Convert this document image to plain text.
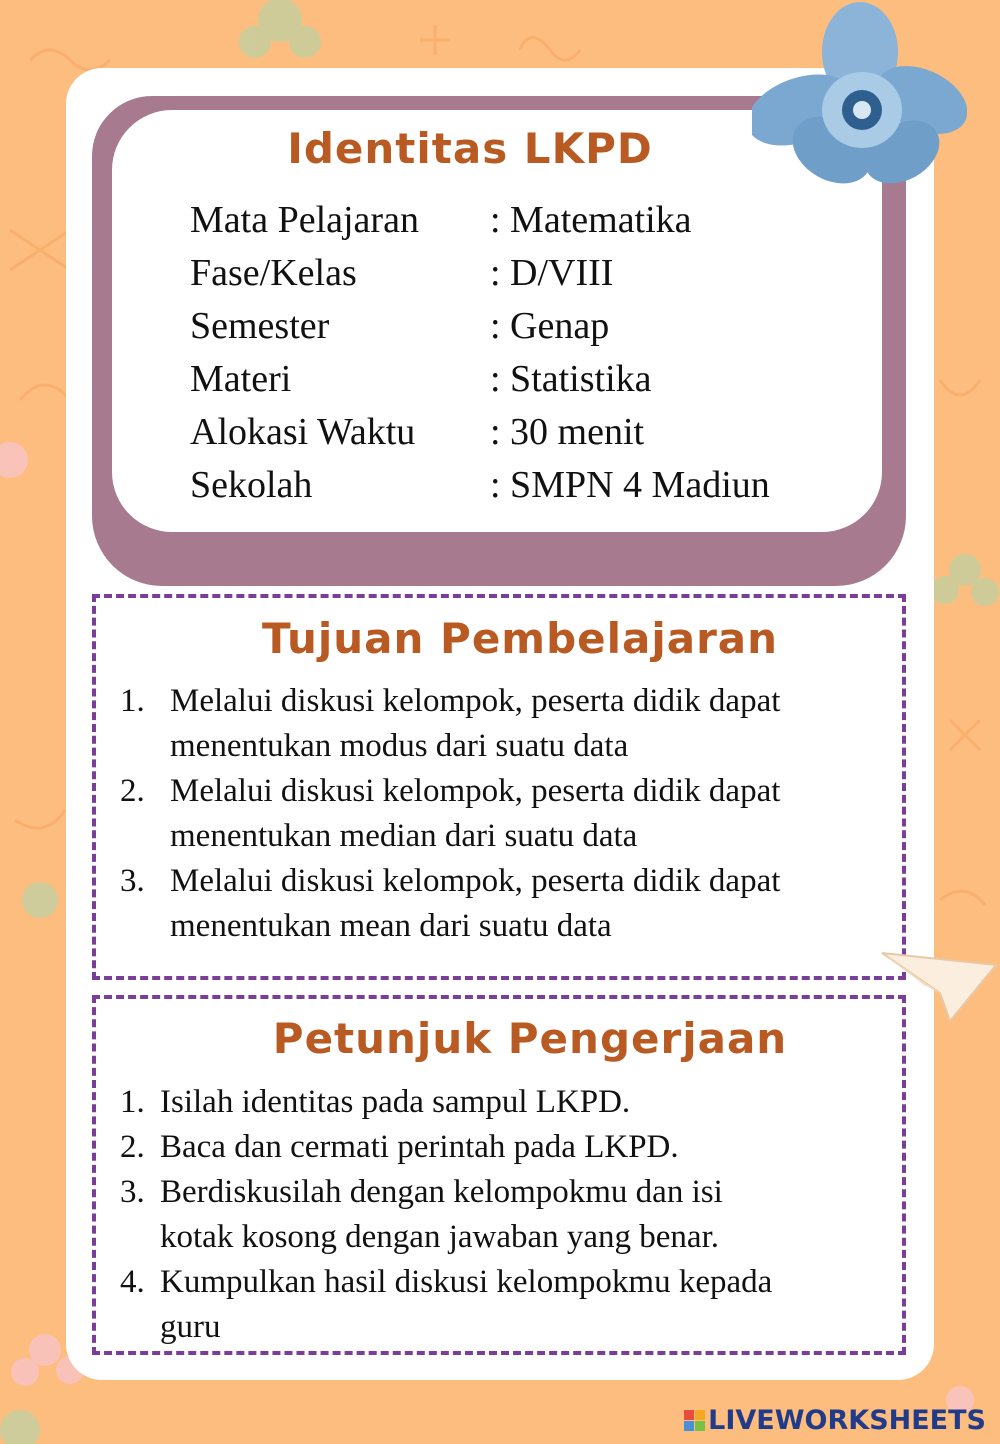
Identitas LKPD
Mata Pelajaran : Matematika
Fase/Kelas	: D/VIII
Semester	: Genap
Materi	: Statistika
Alokasi Waktu : 30 menit
Sekolah	: SMPN 4 Madiun
Tujuan Pembelajaran
1. Melalui diskusi kelompok, peserta didik dapat
menentukan modus dari suatu data
2. Melalui diskusi kelompok, peserta didik dapat
menentukan median dari suatu data
3. Melalui diskusi kelompok, peserta didik dapat
menentukan mean dari suatu data
Petunjuk Pengerjaan
1. Isilah identitas pada sampul LKPD.
2. Baca dan cermati perintah pada LKPD.
3. Berdiskusilah dengan kelompokmu dan isi
kotak kosong dengan jawaban yang benar.
4. Kumpulkan hasil diskusi kelompokmu kepada
guru
LIVEWORKSHEETS
